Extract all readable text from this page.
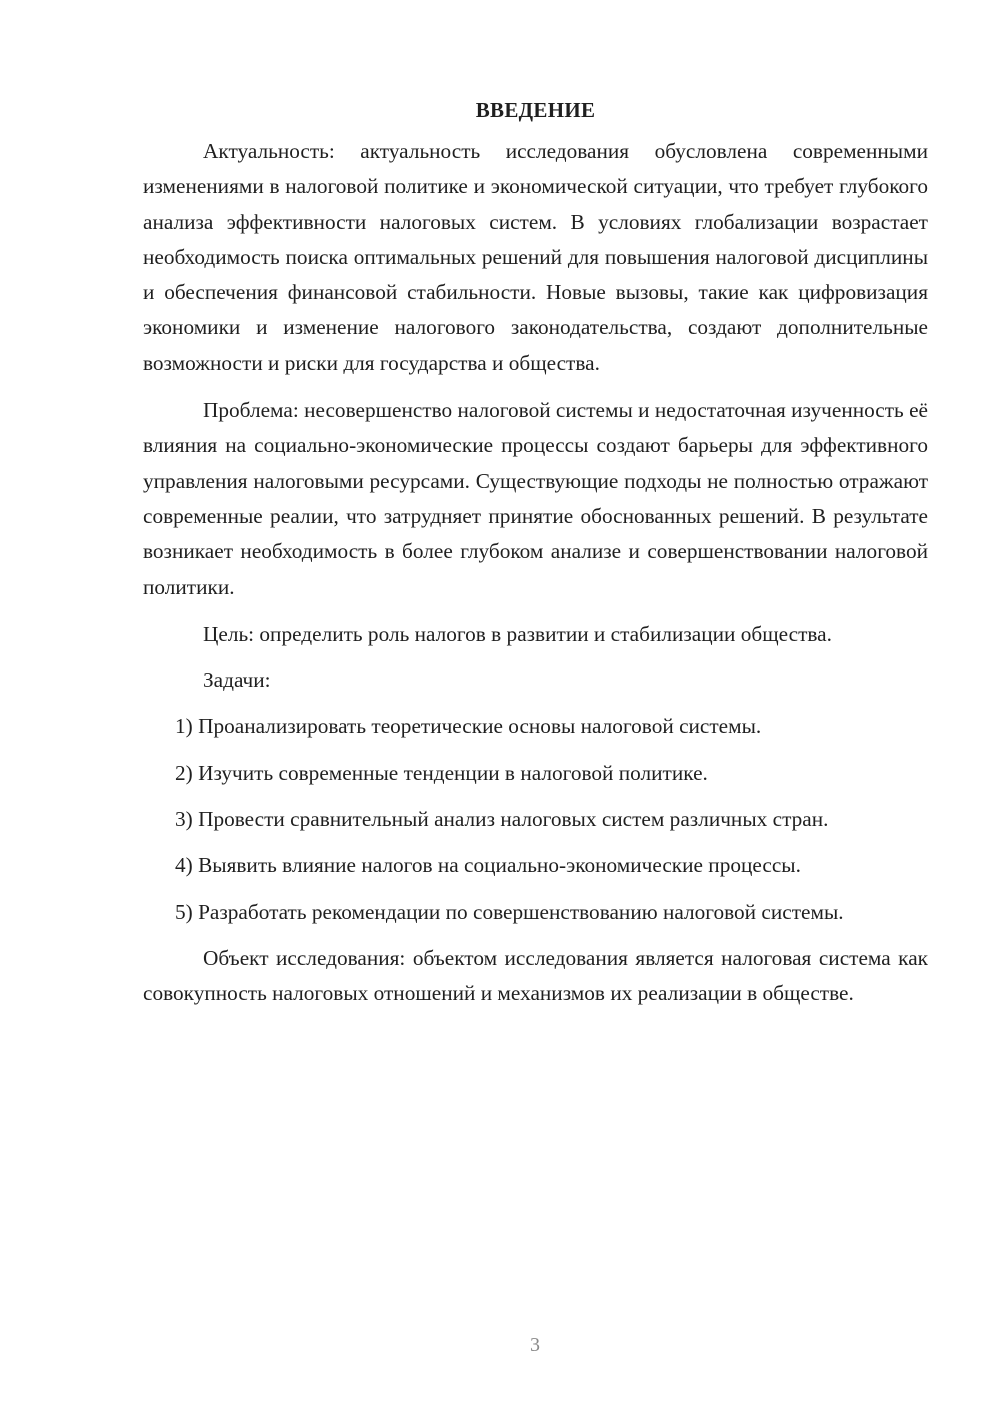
ВВЕДЕНИЕ

Актуальность: актуальность исследования обусловлена современными изменениями в налоговой политике и экономической ситуации, что требует глубокого анализа эффективности налоговых систем. В условиях глобализации возрастает необходимость поиска оптимальных решений для повышения налоговой дисциплины и обеспечения финансовой стабильности. Новые вызовы, такие как цифровизация экономики и изменение налогового законодательства, создают дополнительные возможности и риски для государства и общества.

Проблема: несовершенство налоговой системы и недостаточная изученность её влияния на социально-экономические процессы создают барьеры для эффективного управления налоговыми ресурсами. Существующие подходы не полностью отражают современные реалии, что затрудняет принятие обоснованных решений. В результате возникает необходимость в более глубоком анализе и совершенствовании налоговой политики.

Цель: определить роль налогов в развитии и стабилизации общества.

Задачи:

1) Проанализировать теоретические основы налоговой системы.

2) Изучить современные тенденции в налоговой политике.

3) Провести сравнительный анализ налоговых систем различных стран.

4) Выявить влияние налогов на социально-экономические процессы.

5) Разработать рекомендации по совершенствованию налоговой системы.

Объект исследования: объектом исследования является налоговая система как совокупность налоговых отношений и механизмов их реализации в обществе.

3
